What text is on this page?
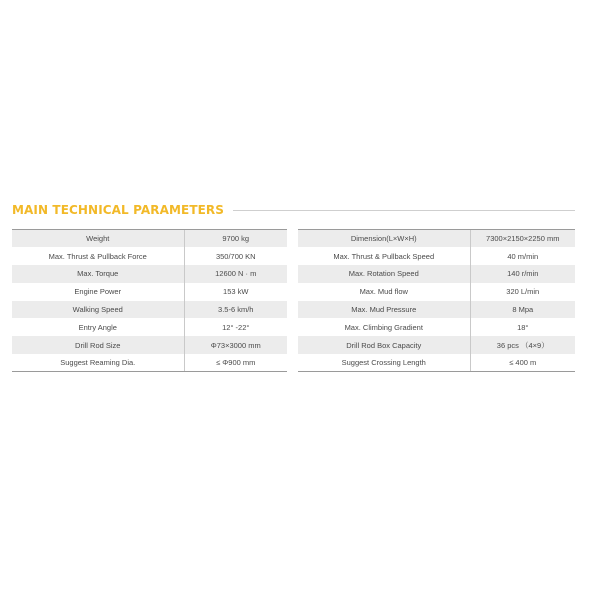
MAIN TECHNICAL PARAMETERS
Weight	9700 kg
Max. Thrust & Pullback Force	350/700 KN
Max. Torque	12600 N · m
Engine Power	153 kW
Walking Speed	3.5-6 km/h
Entry Angle	12° -22°
Drill Rod Size	Φ73×3000 mm
Suggest Reaming Dia.	≤ Φ900 mm
Dimension(L×W×H)	7300×2150×2250 mm
Max. Thrust & Pullback Speed	40 m/min
Max. Rotation Speed	140 r/min
Max. Mud flow	320 L/min
Max. Mud Pressure	8 Mpa
Max. Climbing Gradient	18°
Drill Rod Box Capacity	36 pcs （4×9）
Suggest Crossing Length	≤ 400 m
